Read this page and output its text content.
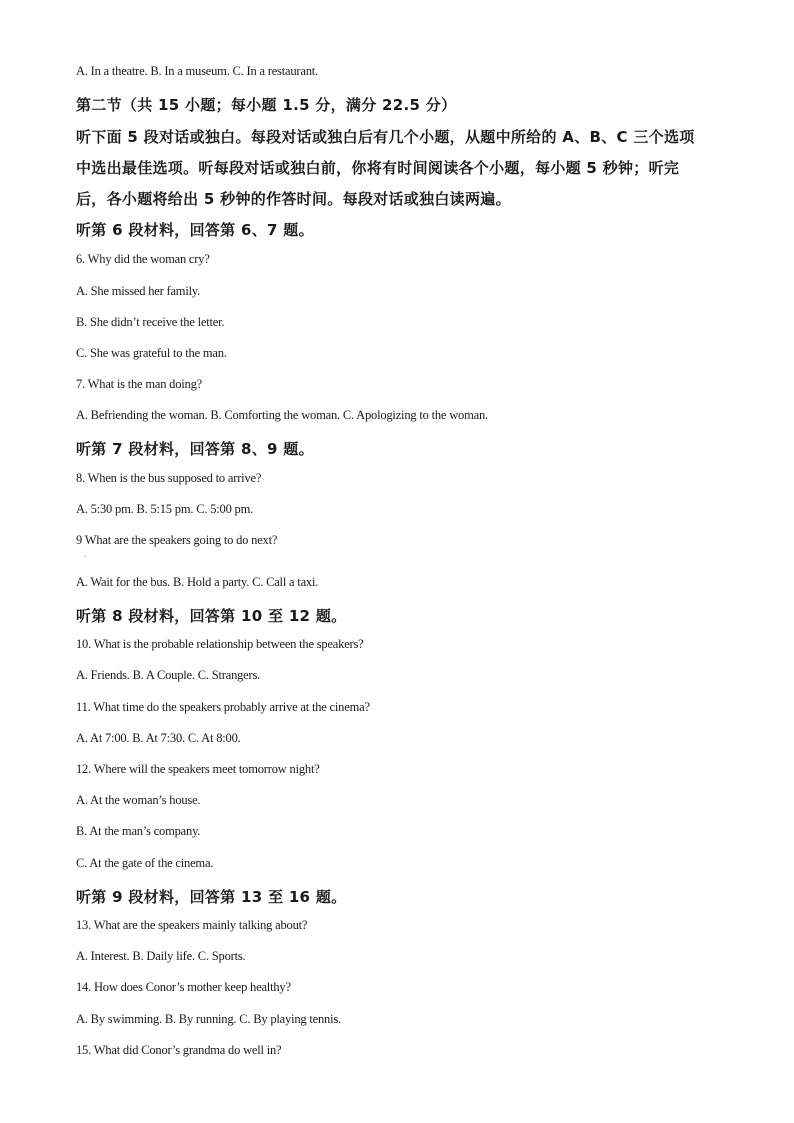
A. In a theatre. B. In a museum. C. In a restaurant.
第二节（共 15 小题；每小题 1.5 分，满分 22.5 分）
听下面 5 段对话或独白。每段对话或独白后有几个小题，从题中所给的 A、B、C 三个选项
中选出最佳选项。听每段对话或独白前，你将有时间阅读各个小题，每小题 5 秒钟；听完
后，各小题将给出 5 秒钟的作答时间。每段对话或独白读两遍。
听第 6 段材料，回答第 6、7 题。
6. Why did the woman cry?
A. She missed her family.
B. She didn’t receive the letter.
C. She was grateful to the man.
7. What is the man doing?
A. Befriending the woman. B. Comforting the woman. C. Apologizing to the woman.
听第 7 段材料，回答第 8、9 题。
8. When is the bus supposed to arrive?
A. 5:30 pm. B. 5:15 pm. C. 5:00 pm.
9 What are the speakers going to do next?
.
A. Wait for the bus. B. Hold a party. C. Call a taxi.
听第 8 段材料，回答第 10 至 12 题。
10. What is the probable relationship between the speakers?
A. Friends. B. A Couple. C. Strangers.
11. What time do the speakers probably arrive at the cinema?
A. At 7:00. B. At 7:30. C. At 8:00.
12. Where will the speakers meet tomorrow night?
A. At the woman’s house.
B. At the man’s company.
C. At the gate of the cinema.
听第 9 段材料，回答第 13 至 16 题。
13. What are the speakers mainly talking about?
A. Interest. B. Daily life. C. Sports.
14. How does Conor’s mother keep healthy?
A. By swimming. B. By running. C. By playing tennis.
15. What did Conor’s grandma do well in?
